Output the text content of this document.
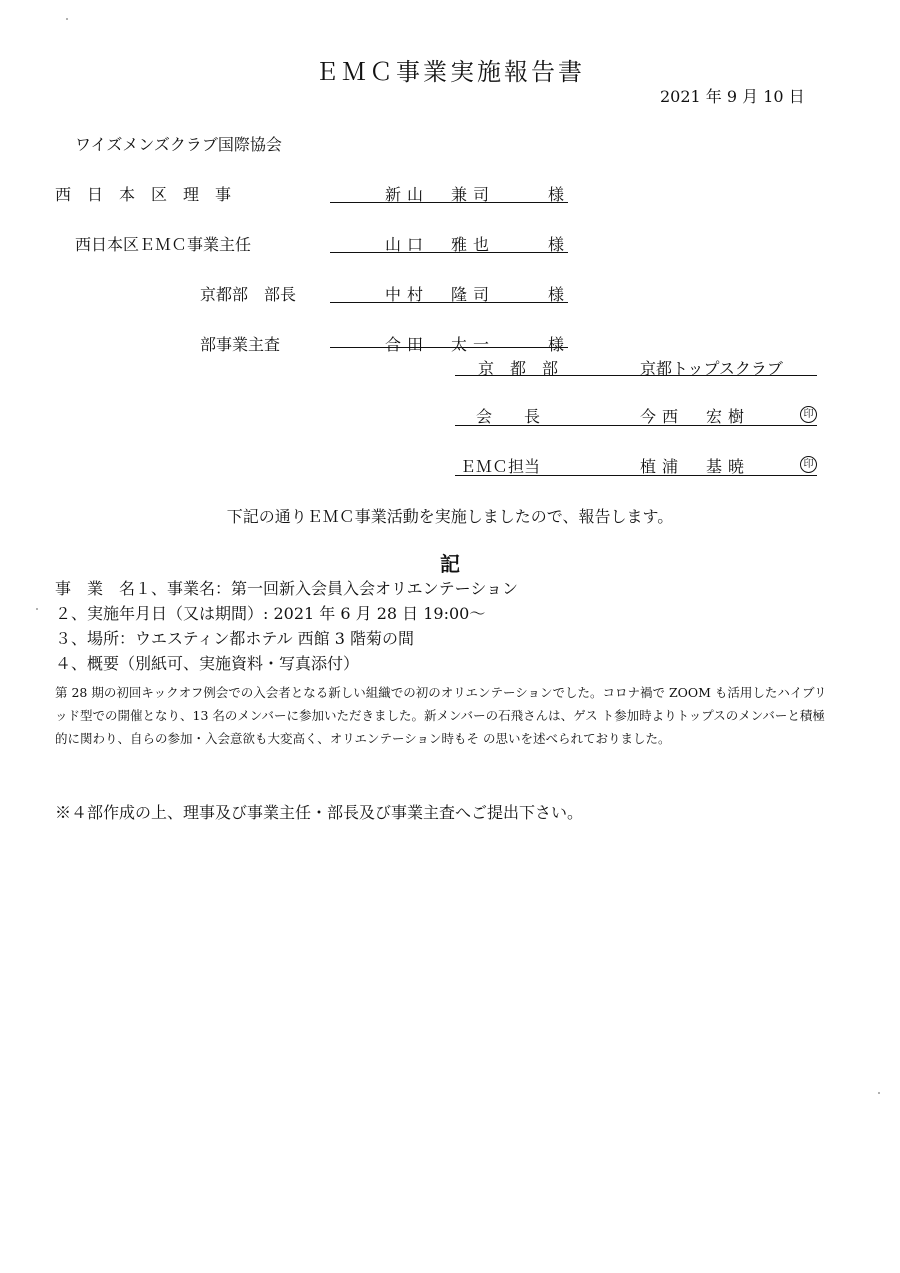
ＥＭＣ事業実施報告書
2021 年 9 月 10 日
ワイズメンズクラブ国際協会
西　日　本　区　理　事	新山　兼司	様
西日本区ＥＭＣ事業主任	山口　雅也	様
京都部　部長	中村　隆司	様
部事業主査	合田　太一	様
京　都　部	京都トップスクラブ
会　　長	今西　宏樹	印
ＥＭＣ担当	植浦　基暁	印
下記の通りＥＭＣ事業活動を実施しましたので、報告します。
記
事　業　名１、事業名：第一回新入会員入会オリエンテーション
２、実施年月日（又は期間）: 2021 年 6 月 28 日 19:00〜
３、場所：ウエスティン都ホテル 西館 3 階菊の間
４、概要（別紙可、実施資料・写真添付）
第 28 期の初回キックオフ例会での入会者となる新しい組織での初のオリエンテーションでした。コロナ禍で ZOOM も活用したハイブリッド型での開催となり、13 名のメンバーに参加いただきました。新メンバーの石飛さんは、ゲス ト参加時よりトップスのメンバーと積極的に関わり、自らの参加・入会意欲も大変高く、オリエンテーション時もそ の思いを述べられておりました。
※４部作成の上、理事及び事業主任・部長及び事業主査へご提出下さい。
